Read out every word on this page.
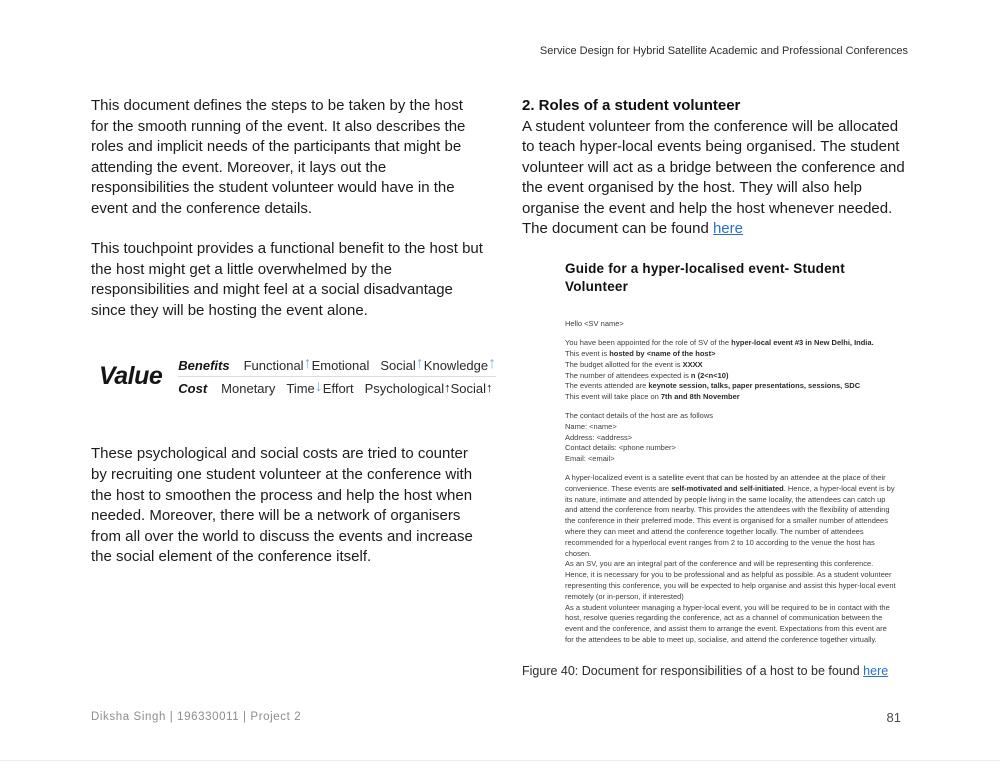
Service Design for Hybrid Satellite Academic and Professional Conferences

This document defines the steps to be taken by the host for the smooth running of the event. It also describes the roles and implicit needs of the participants that might be attending the event. Moreover, it lays out the responsibilities the student volunteer would have in the event and the conference details.

This touchpoint provides a functional benefit to the host but the host might get a little overwhelmed by the responsibilities and might feel at a social disadvantage since they will be hosting the event alone.

Value Benefits Functional ↑ Emotional Social ↑ Knowledge ↑
Cost Monetary Time ↓ Effort Psychological ↑ Social ↑

These psychological and social costs are tried to counter by recruiting one student volunteer at the conference with the host to smoothen the process and help the host when needed. Moreover, there will be a network of organisers from all over the world to discuss the events and increase the social element of the conference itself.

2. Roles of a student volunteer

A student volunteer from the conference will be allocated to teach hyper-local events being organised. The student volunteer will act as a bridge between the conference and the event organised by the host. They will also help organise the event and help the host whenever needed. The document can be found here

Guide for a hyper-localised event- Student Volunteer
Hello <SV name>
You have been appointed for the role of SV of the hyper-local event #3 in New Delhi, India.
This event is hosted by <name of the host>
The budget allotted for the event is XXXX
The number of attendees expected is n (2<n<10)
The events attended are keynote session, talks, paper presentations, sessions, SDC
This event will take place on 7th and 8th November
The contact details of the host are as follows
Name: <name>
Address: <address>
Contact details: <phone number>
Email: <email>
A hyper-localized event is a satellite event that can be hosted by an attendee at the place of their convenience. These events are self-motivated and self-initiated. Hence, a hyper-local event is by its nature, intimate and attended by people living in the same locality, the attendees can catch up and attend the conference from nearby. This provides the attendees with the flexibility of attending the conference in their preferred mode. This event is organised for a smaller number of attendees where they can meet and attend the conference together locally. The number of attendees recommended for a hyperlocal event ranges from 2 to 10 according to the venue the host has chosen.
As an SV, you are an integral part of the conference and will be representing this conference. Hence, it is necessary for you to be professional and as helpful as possible. As a student volunteer representing this conference, you will be expected to help organise and assist this hyper-local event remotely (or in-person, if interested)
As a student volunteer managing a hyper-local event, you will be required to be in contact with the host, resolve queries regarding the conference, act as a channel of communication between the event and the conference, and assist them to arrange the event. Expectations from this event are for the attendees to be able to meet up, socialise, and attend the conference together virtually.
Figure 40: Document for responsibilities of a host to be found here
Diksha Singh | 196330011 | Project 2	81
